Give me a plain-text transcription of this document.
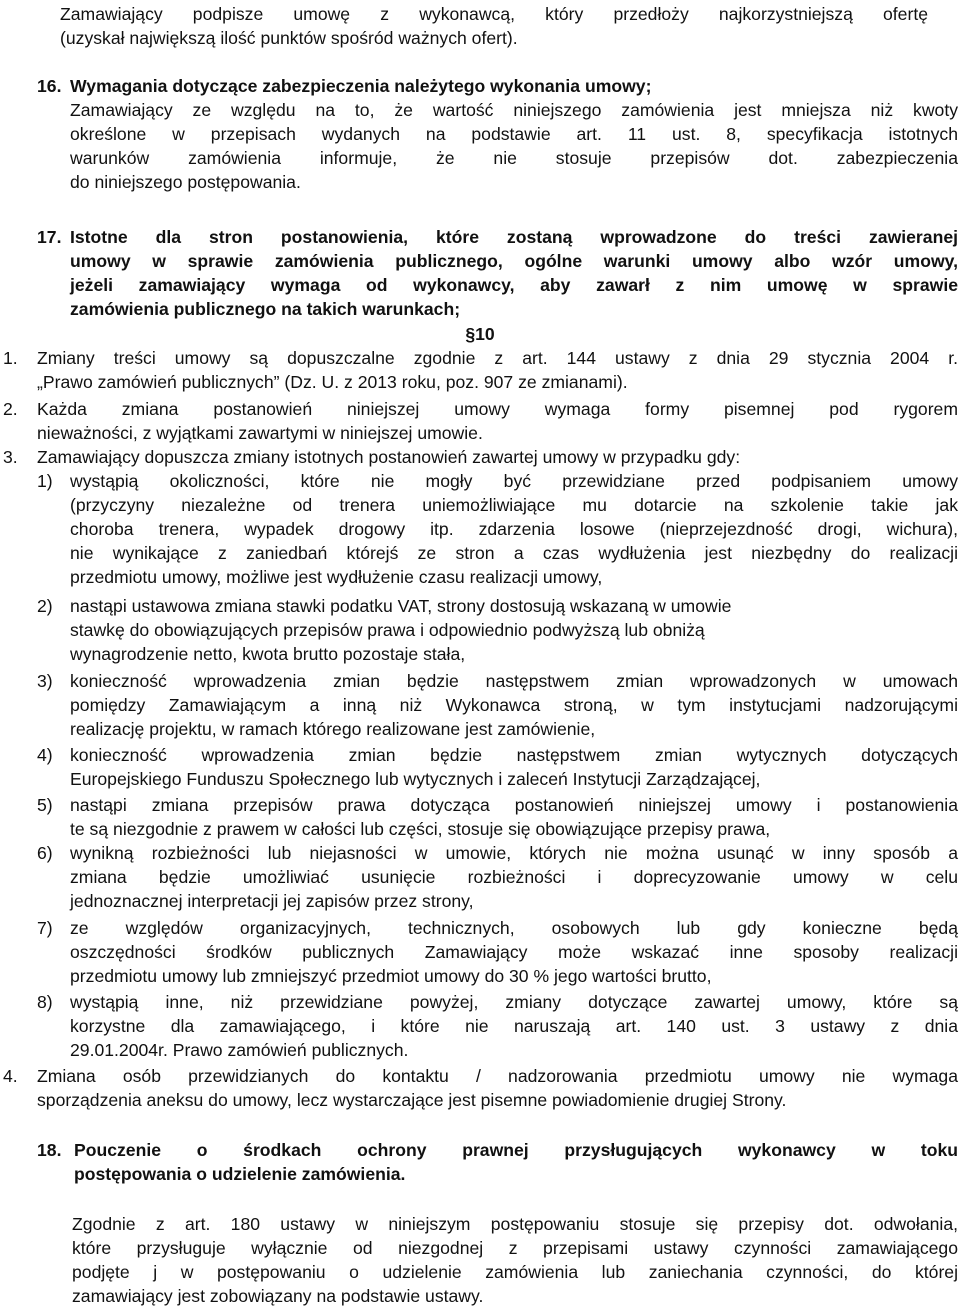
Zamawiający podpisze umowę z wykonawcą, który przedłoży najkorzystniejszą ofertę
(uzyskał największą ilość punktów spośród ważnych ofert).
16. Wymagania dotyczące zabezpieczenia należytego wykonania umowy;
Zamawiający ze względu na to, że wartość niniejszego zamówienia jest mniejsza niż kwoty
określone w przepisach wydanych na podstawie art. 11 ust. 8, specyfikacja istotnych
warunków zamówienia informuje, że nie stosuje przepisów dot. zabezpieczenia
do niniejszego postępowania.
17. Istotne dla stron postanowienia, które zostaną wprowadzone do treści zawieranej
umowy w sprawie zamówienia publicznego, ogólne warunki umowy albo wzór umowy,
jeżeli zamawiający wymaga od wykonawcy, aby zawarł z nim umowę w sprawie
zamówienia publicznego na takich warunkach;
§10
1. Zmiany treści umowy są dopuszczalne zgodnie z art. 144 ustawy z dnia 29 stycznia 2004 r.
„Prawo zamówień publicznych” (Dz. U. z 2013 roku, poz. 907 ze zmianami).
2. Każda zmiana postanowień niniejszej umowy wymaga formy pisemnej pod rygorem
nieważności, z wyjątkami zawartymi w niniejszej umowie.
3. Zamawiający dopuszcza zmiany istotnych postanowień zawartej umowy w przypadku gdy:
1) wystąpią okoliczności, które nie mogły być przewidziane przed podpisaniem umowy
(przyczyny niezależne od trenera uniemożliwiające mu dotarcie na szkolenie takie jak
choroba trenera, wypadek drogowy itp. zdarzenia losowe (nieprzejezdność drogi, wichura),
nie wynikające z zaniedbań którejś ze stron a czas wydłużenia jest niezbędny do realizacji
przedmiotu umowy, możliwe jest wydłużenie czasu realizacji umowy,
2) nastąpi ustawowa zmiana stawki podatku VAT, strony dostosują wskazaną w umowie
stawkę do obowiązujących przepisów prawa i odpowiednio podwyższą lub obniżą
wynagrodzenie netto, kwota brutto pozostaje stała,
3) konieczność wprowadzenia zmian będzie następstwem zmian wprowadzonych w umowach
pomiędzy Zamawiającym a inną niż Wykonawca stroną, w tym instytucjami nadzorującymi
realizację projektu, w ramach którego realizowane jest zamówienie,
4) konieczność wprowadzenia zmian będzie następstwem zmian wytycznych dotyczących
Europejskiego Funduszu Społecznego lub wytycznych i zaleceń Instytucji Zarządzającej,
5) nastąpi zmiana przepisów prawa dotycząca postanowień niniejszej umowy i postanowienia
te są niezgodnie z prawem w całości lub części, stosuje się obowiązujące przepisy prawa,
6) wynikną rozbieżności lub niejasności w umowie, których nie można usunąć w inny sposób a
zmiana będzie umożliwiać usunięcie rozbieżności i doprecyzowanie umowy w celu
jednoznacznej interpretacji jej zapisów przez strony,
7) ze względów organizacyjnych, technicznych, osobowych lub gdy konieczne będą
oszczędności środków publicznych Zamawiający może wskazać inne sposoby realizacji
przedmiotu umowy lub zmniejszyć przedmiot umowy do 30 % jego wartości brutto,
8) wystąpią inne, niż przewidziane powyżej, zmiany dotyczące zawartej umowy, które są
korzystne dla zamawiającego, i które nie naruszają art. 140 ust. 3 ustawy z dnia
29.01.2004r. Prawo zamówień publicznych.
4. Zmiana osób przewidzianych do kontaktu / nadzorowania przedmiotu umowy nie wymaga
sporządzenia aneksu do umowy, lecz wystarczające jest pisemne powiadomienie drugiej Strony.
18. Pouczenie o środkach ochrony prawnej przysługujących wykonawcy w toku
postępowania o udzielenie zamówienia.
Zgodnie z art. 180 ustawy w niniejszym postępowaniu stosuje się przepisy dot. odwołania,
które przysługuje wyłącznie od niezgodnej z przepisami ustawy czynności zamawiającego
podjęte j w postępowaniu o udzielenie zamówienia lub zaniechania czynności, do której
zamawiający jest zobowiązany na podstawie ustawy.
